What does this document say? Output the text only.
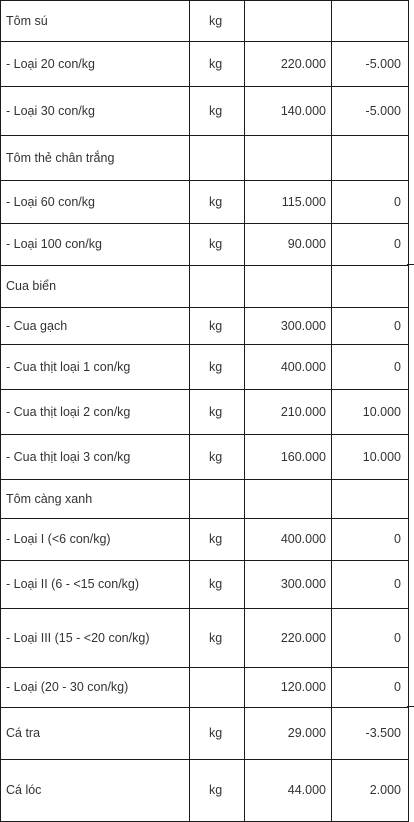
Tôm sú	kg		
- Loại 20 con/kg	kg	220.000	-5.000
- Loại 30 con/kg	kg	140.000	-5.000
Tôm thẻ chân trắng			
- Loại 60 con/kg	kg	115.000	0
- Loại 100 con/kg	kg	90.000	0
Cua biển			
- Cua gạch	kg	300.000	0
- Cua thịt loại 1 con/kg	kg	400.000	0
- Cua thịt loại 2 con/kg	kg	210.000	10.000
- Cua thịt loại 3 con/kg	kg	160.000	10.000
Tôm càng xanh			
- Loại I (<6 con/kg)	kg	400.000	0
- Loại II (6 - <15 con/kg)	kg	300.000	0
- Loại III (15 - <20 con/kg)	kg	220.000	0
- Loại (20 - 30 con/kg)		120.000	0
Cá tra	kg	29.000	-3.500
Cá lóc	kg	44.000	2.000
